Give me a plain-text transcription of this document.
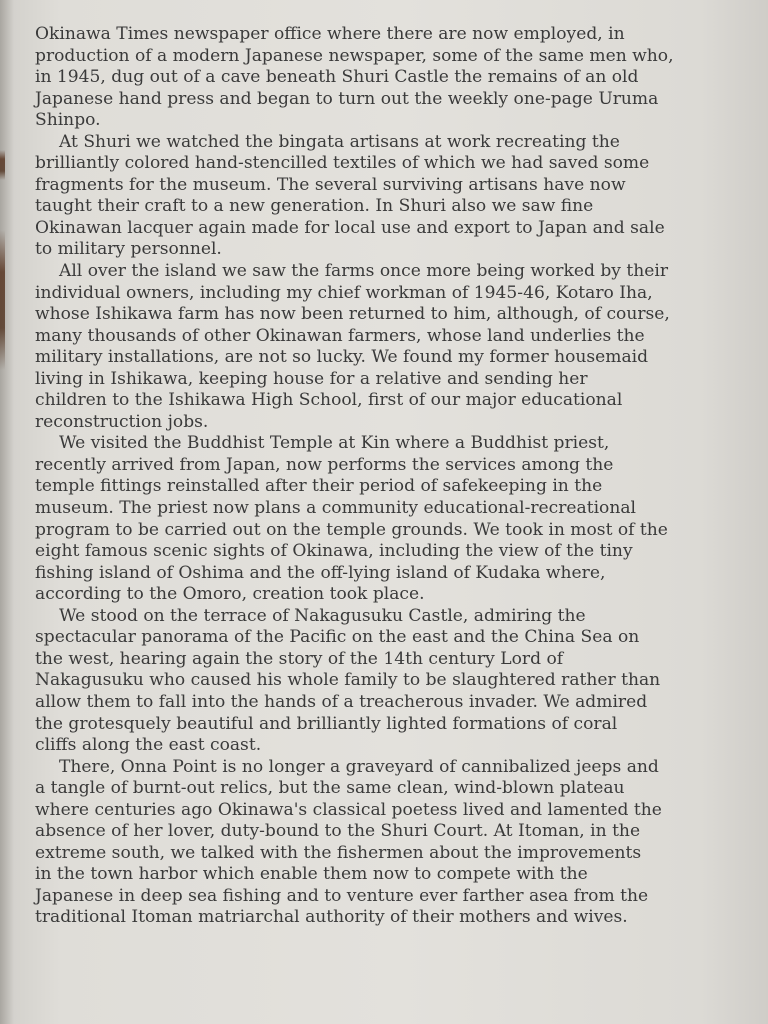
Okinawa Times newspaper office where there are now employed, in
production of a modern Japanese newspaper, some of the same men who,
in 1945, dug out of a cave beneath Shuri Castle the remains of an old
Japanese hand press and began to turn out the weekly one-page Uruma
Shinpo.
At Shuri we watched the bingata artisans at work recreating the
brilliantly colored hand-stencilled textiles of which we had saved some
fragments for the museum. The several surviving artisans have now
taught their craft to a new generation. In Shuri also we saw fine
Okinawan lacquer again made for local use and export to Japan and sale
to military personnel.
All over the island we saw the farms once more being worked by their
individual owners, including my chief workman of 1945-46, Kotaro Iha,
whose Ishikawa farm has now been returned to him, although, of course,
many thousands of other Okinawan farmers, whose land underlies the
military installations, are not so lucky. We found my former housemaid
living in Ishikawa, keeping house for a relative and sending her
children to the Ishikawa High School, first of our major educational
reconstruction jobs.
We visited the Buddhist Temple at Kin where a Buddhist priest,
recently arrived from Japan, now performs the services among the
temple fittings reinstalled after their period of safekeeping in the
museum. The priest now plans a community educational-recreational
program to be carried out on the temple grounds. We took in most of the
eight famous scenic sights of Okinawa, including the view of the tiny
fishing island of Oshima and the off-lying island of Kudaka where,
according to the Omoro, creation took place.
We stood on the terrace of Nakagusuku Castle, admiring the
spectacular panorama of the Pacific on the east and the China Sea on
the west, hearing again the story of the 14th century Lord of
Nakagusuku who caused his whole family to be slaughtered rather than
allow them to fall into the hands of a treacherous invader. We admired
the grotesquely beautiful and brilliantly lighted formations of coral
cliffs along the east coast.
There, Onna Point is no longer a graveyard of cannibalized jeeps and
a tangle of burnt-out relics, but the same clean, wind-blown plateau
where centuries ago Okinawa's classical poetess lived and lamented the
absence of her lover, duty-bound to the Shuri Court. At Itoman, in the
extreme south, we talked with the fishermen about the improvements
in the town harbor which enable them now to compete with the
Japanese in deep sea fishing and to venture ever farther asea from the
traditional Itoman matriarchal authority of their mothers and wives.
